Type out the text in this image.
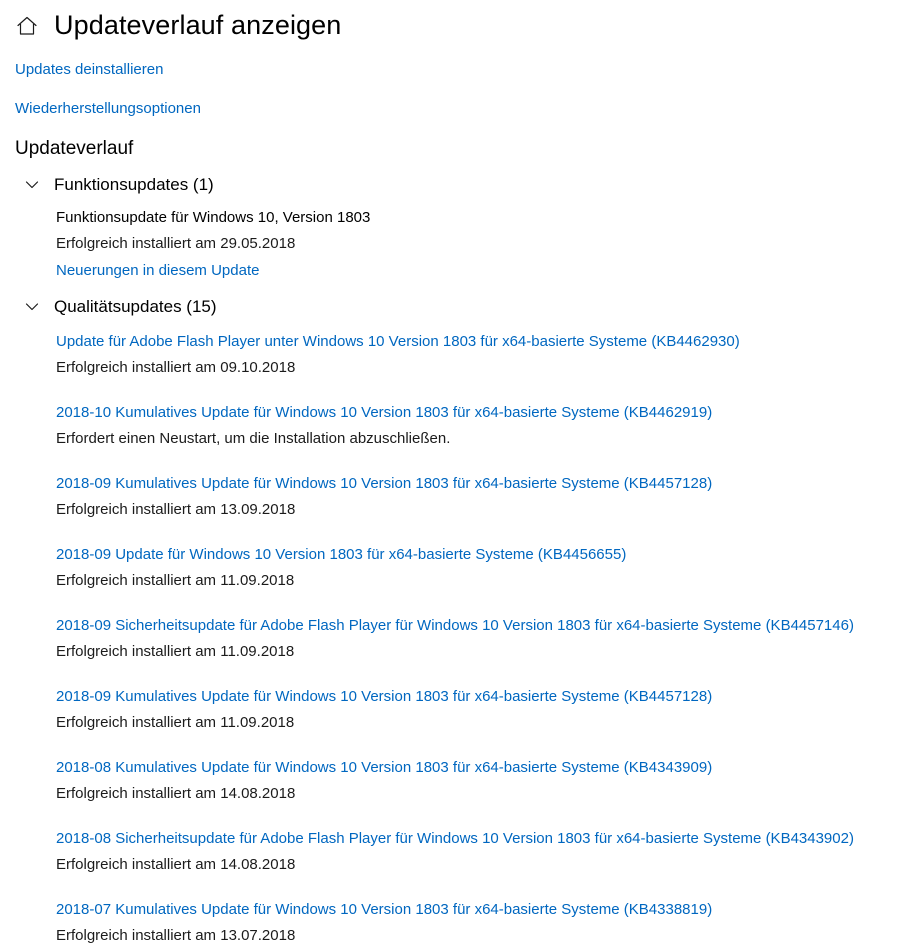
Updateverlauf anzeigen
Updates deinstallieren
Wiederherstellungsoptionen
Updateverlauf
Funktionsupdates (1)
Funktionsupdate für Windows 10, Version 1803
Erfolgreich installiert am 29.05.2018
Neuerungen in diesem Update
Qualitätsupdates (15)
Update für Adobe Flash Player unter Windows 10 Version 1803 für x64-basierte Systeme (KB4462930)
Erfolgreich installiert am 09.10.2018
2018-10 Kumulatives Update für Windows 10 Version 1803 für x64-basierte Systeme (KB4462919)
Erfordert einen Neustart, um die Installation abzuschließen.
2018-09 Kumulatives Update für Windows 10 Version 1803 für x64-basierte Systeme (KB4457128)
Erfolgreich installiert am 13.09.2018
2018-09 Update für Windows 10 Version 1803 für x64-basierte Systeme (KB4456655)
Erfolgreich installiert am 11.09.2018
2018-09 Sicherheitsupdate für Adobe Flash Player für Windows 10 Version 1803 für x64-basierte Systeme (KB4457146)
Erfolgreich installiert am 11.09.2018
2018-09 Kumulatives Update für Windows 10 Version 1803 für x64-basierte Systeme (KB4457128)
Erfolgreich installiert am 11.09.2018
2018-08 Kumulatives Update für Windows 10 Version 1803 für x64-basierte Systeme (KB4343909)
Erfolgreich installiert am 14.08.2018
2018-08 Sicherheitsupdate für Adobe Flash Player für Windows 10 Version 1803 für x64-basierte Systeme (KB4343902)
Erfolgreich installiert am 14.08.2018
2018-07 Kumulatives Update für Windows 10 Version 1803 für x64-basierte Systeme (KB4338819)
Erfolgreich installiert am 13.07.2018
